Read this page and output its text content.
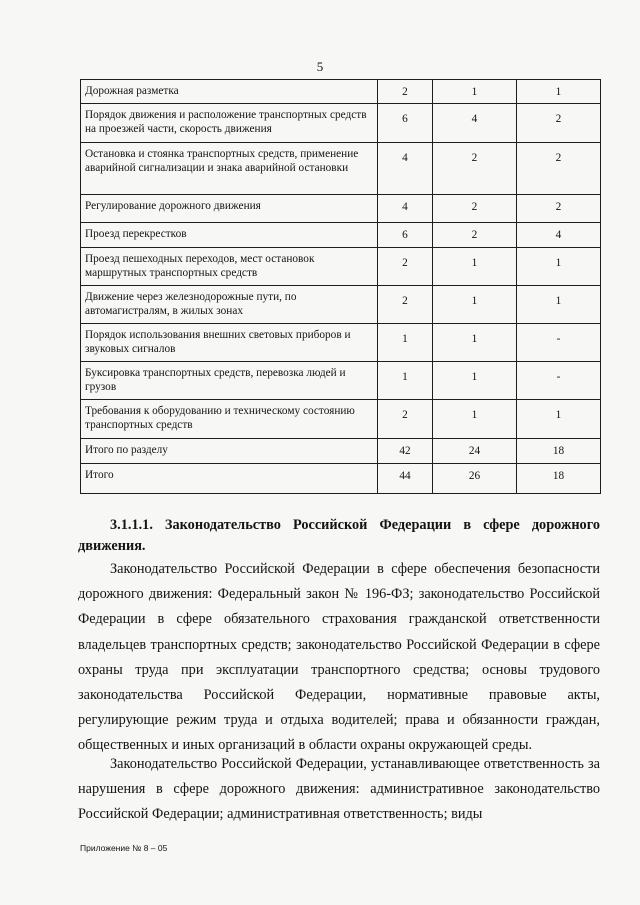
5
Дорожная разметка	2	1	1
Порядок движения и расположение транспортных средств на проезжей части, скорость движения	6	4	2
Остановка и стоянка транспортных средств, применение аварийной сигнализации и знака аварийной остановки	4	2	2
Регулирование дорожного движения	4	2	2
Проезд перекрестков	6	2	4
Проезд пешеходных переходов, мест остановок маршрутных транспортных средств	2	1	1
Движение через железнодорожные пути, по автомагистралям, в жилых зонах	2	1	1
Порядок использования внешних световых приборов и звуковых сигналов	1	1	-
Буксировка транспортных средств, перевозка людей и грузов	1	1	-
Требования к оборудованию и техническому состоянию транспортных средств	2	1	1
Итого по разделу	42	24	18
Итого	44	26	18

3.1.1.1. Законодательство Российской Федерации в сфере дорожного движения.

Законодательство Российской Федерации в сфере обеспечения безопасности дорожного движения: Федеральный закон № 196-ФЗ; законодательство Российской Федерации в сфере обязательного страхования гражданской ответственности владельцев транспортных средств; законодательство Российской Федерации в сфере охраны труда при эксплуатации транспортного средства; основы трудового законодательства Российской Федерации, нормативные правовые акты, регулирующие режим труда и отдыха водителей; права и обязанности граждан, общественных и иных организаций в области охраны окружающей среды.

Законодательство Российской Федерации, устанавливающее ответственность за нарушения в сфере дорожного движения: административное законодательство Российской Федерации; административная ответственность; виды

Приложение № 8 – 05
